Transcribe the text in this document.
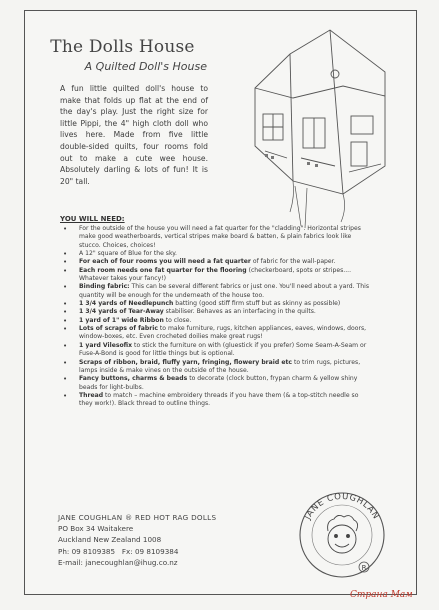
The Dolls House
A Quilted Doll's House
A fun little quilted doll's house to make that folds up flat at the end of the day's play. Just the right size for little Pippi, the 4" high cloth doll who lives here. Made from five little double-sided quilts, four rooms fold out to make a cute wee house. Absolutely darling & lots of fun! It is 20" tall.
YOU WILL NEED:
• For the outside of the house you will need a fat quarter for the "cladding". Horizontal stripes make good weatherboards, vertical stripes make board & batten, & plain fabrics look like stucco. Choices, choices!
• A 12" square of Blue for the sky.
• For each of four rooms you will need a fat quarter of fabric for the wall-paper.
• Each room needs one fat quarter for the flooring (checkerboard, spots or stripes.... Whatever takes your fancy!)
• Binding fabric: This can be several different fabrics or just one. You'll need about a yard. This quantity will be enough for the underneath of the house too.
• 1 3/4 yards of Needlepunch batting (good stiff firm stuff but as skinny as possible)
• 1 3/4 yards of Tear-Away stabiliser. Behaves as an interfacing in the quilts.
• 1 yard of 1" wide Ribbon to close.
• Lots of scraps of fabric to make furniture, rugs, kitchen appliances, eaves, windows, doors, window-boxes, etc. Even crocheted doilies make great rugs!
• 1 yard Vilesofix to stick the furniture on with (gluestick if you prefer) Some Seam-A-Seam or Fuse-A-Bond is good for little things but is optional.
• Scraps of ribbon, braid, fluffy yarn, fringing, flowery braid etc to trim rugs, pictures, lamps inside & make vines on the outside of the house.
• Fancy buttons, charms & beads to decorate (clock button, frypan charm & yellow shiny beads for light-bulbs.
• Thread to match – machine embroidery threads if you have them (& a top-stitch needle so they work!). Black thread to outline things.
JANE COUGHLAN ® RED HOT RAG DOLLS
PO Box 34 Waitakere
Auckland New Zealand 1008
Ph: 09 8109385   Fx: 09 8109384
E-mail: janecoughlan@ihug.co.nz
JANE COUGHLAN
R
Страна Мам
